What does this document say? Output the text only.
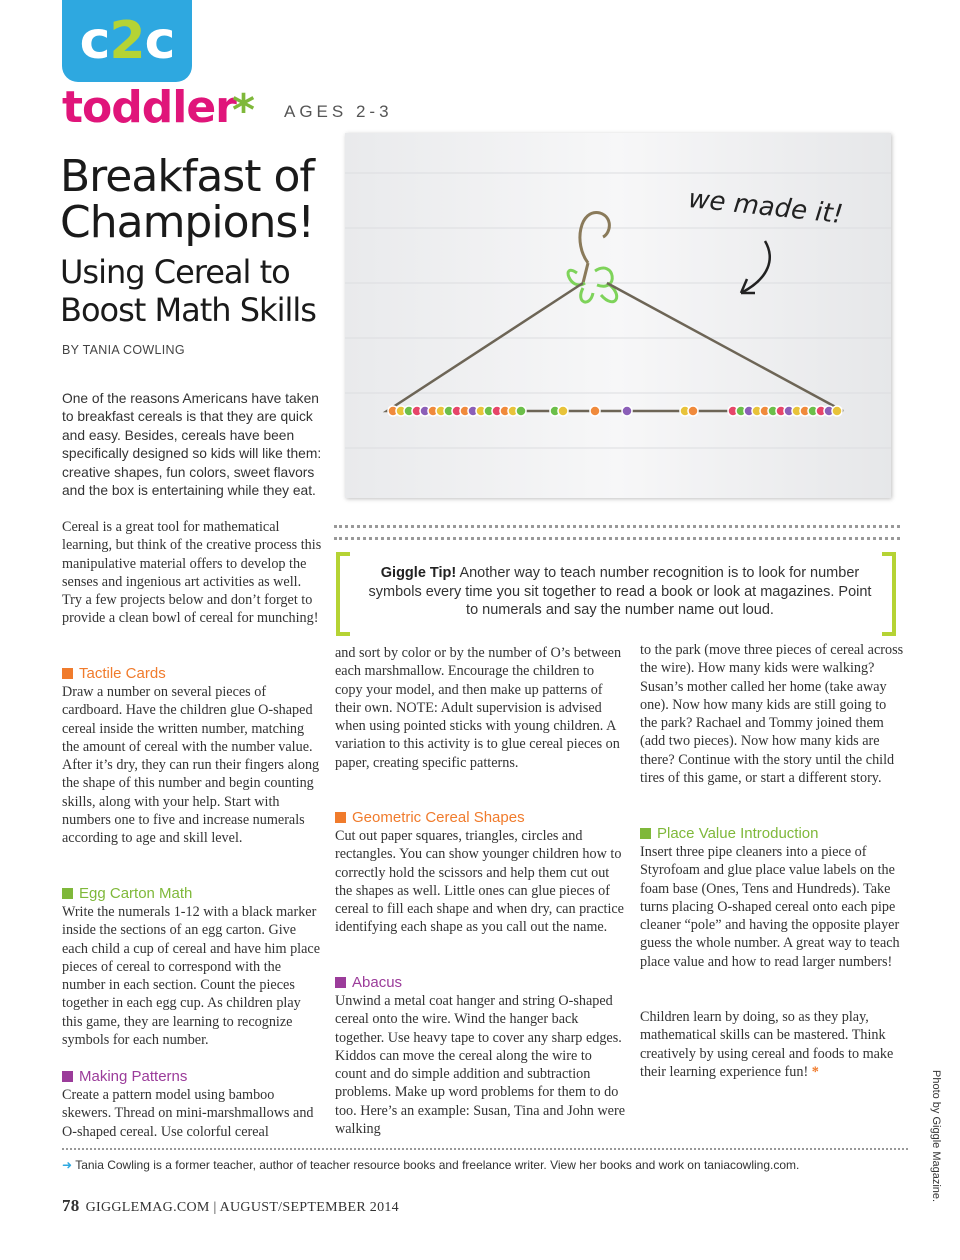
c2c
toddler
* AGES 2-3
Breakfast of Champions!
Using Cereal to Boost Math Skills
BY TANIA COWLING
we made it!
Giggle Tip! Another way to teach number recognition is to look for number symbols every time you sit together to read a book or look at magazines. Point to numerals and say the number name out loud.
One of the reasons Americans have taken to breakfast cereals is that they are quick and easy. Besides, cereals have been specifically designed so kids will like them: creative shapes, fun colors, sweet flavors and the box is entertaining while they eat.
Cereal is a great tool for mathematical learning, but think of the creative process this manipulative material offers to develop the senses and ingenious art activities as well. Try a few projects below and don’t forget to provide a clean bowl of cereal for munching!
Tactile Cards
Draw a number on several pieces of cardboard. Have the children glue O-shaped cereal inside the written number, matching the amount of cereal with the number value. After it’s dry, they can run their fingers along the shape of this number and begin counting skills, along with your help. Start with numbers one to five and increase numerals according to age and skill level.
Egg Carton Math
Write the numerals 1-12 with a black marker inside the sections of an egg carton. Give each child a cup of cereal and have him place pieces of cereal to correspond with the number in each section. Count the pieces together in each egg cup. As children play this game, they are learning to recognize symbols for each number.
Making Patterns
Create a pattern model using bamboo skewers. Thread on mini-marshmallows and O-shaped cereal. Use colorful cereal
and sort by color or by the number of O’s between each marshmallow. Encourage the children to copy your model, and then make up patterns of their own. NOTE: Adult supervision is advised when using pointed sticks with young children. A variation to this activity is to glue cereal pieces on paper, creating specific patterns.
Geometric Cereal Shapes
Cut out paper squares, triangles, circles and rectangles. You can show younger children how to correctly hold the scissors and help them cut out the shapes as well. Little ones can glue pieces of cereal to fill each shape and when dry, can practice identifying each shape as you call out the name.
Abacus
Unwind a metal coat hanger and string O-shaped cereal onto the wire. Wind the hanger back together. Use heavy tape to cover any sharp edges. Kiddos can move the cereal along the wire to count and do simple addition and subtraction problems. Make up word problems for them to do too. Here’s an example: Susan, Tina and John were walking
to the park (move three pieces of cereal across the wire). How many kids were walking? Susan’s mother called her home (take away one). Now how many kids are still going to the park? Rachael and Tommy joined them (add two pieces). Now how many kids are there? Continue with the story until the child tires of this game, or start a different story.
Place Value Introduction
Insert three pipe cleaners into a piece of Styrofoam and glue place value labels on the foam base (Ones, Tens and Hundreds). Take turns placing O-shaped cereal onto each pipe cleaner “pole” and having the opposite player guess the whole number. A great way to teach place value and how to read larger numbers!
Children learn by doing, so as they play, mathematical skills can be mastered. Think creatively by using cereal and foods to make their learning experience fun! *
➜ Tania Cowling is a former teacher, author of teacher resource books and freelance writer. View her books and work on taniacowling.com.
78 GIGGLEMAG.COM | AUGUST/SEPTEMBER 2014
Photo by Giggle Magazine.
